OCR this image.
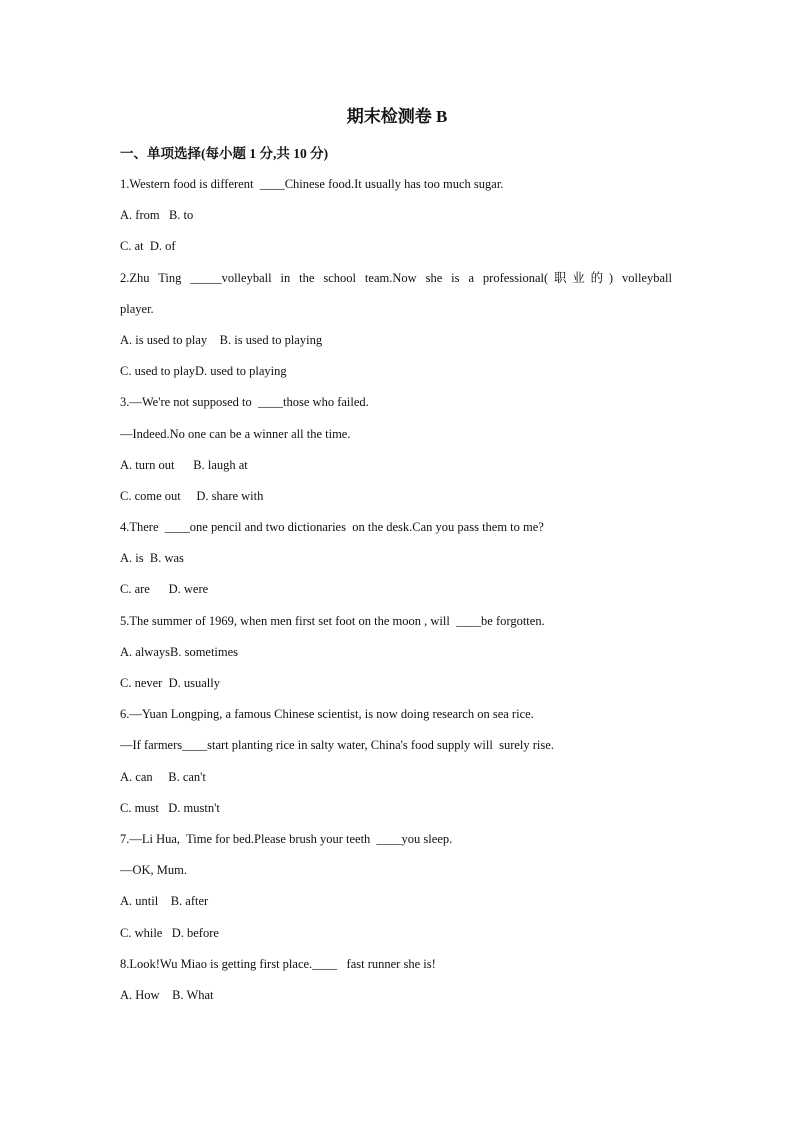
期末检测卷 B
一、单项选择(每小题 1 分,共 10 分)
1.Western food is different  ____Chinese food.It usually has too much sugar.
A. from   B. to
C. at  D. of
2.Zhu Ting _____volleyball in the school team.Now she is a professional(职业的) volleyball
player.
A. is used to play    B. is used to playing
C. used to playD. used to playing
3.—We're not supposed to  ____those who failed.
—Indeed.No one can be a winner all the time.
A. turn out      B. laugh at
C. come out     D. share with
4.There  ____one pencil and two dictionaries  on the desk.Can you pass them to me?
A. is  B. was
C. are      D. were
5.The summer of 1969, when men first set foot on the moon , will  ____be forgotten.
A. alwaysB. sometimes
C. never  D. usually
6.—Yuan Longping, a famous Chinese scientist, is now doing research on sea rice.
—If farmers____start planting rice in salty water, China's food supply will  surely rise.
A. can     B. can't
C. must   D. mustn't
7.—Li Hua,  Time for bed.Please brush your teeth  ____you sleep.
—OK, Mum.
A. until    B. after
C. while   D. before
8.Look!Wu Miao is getting first place.____   fast runner she is!
A. How    B. What
